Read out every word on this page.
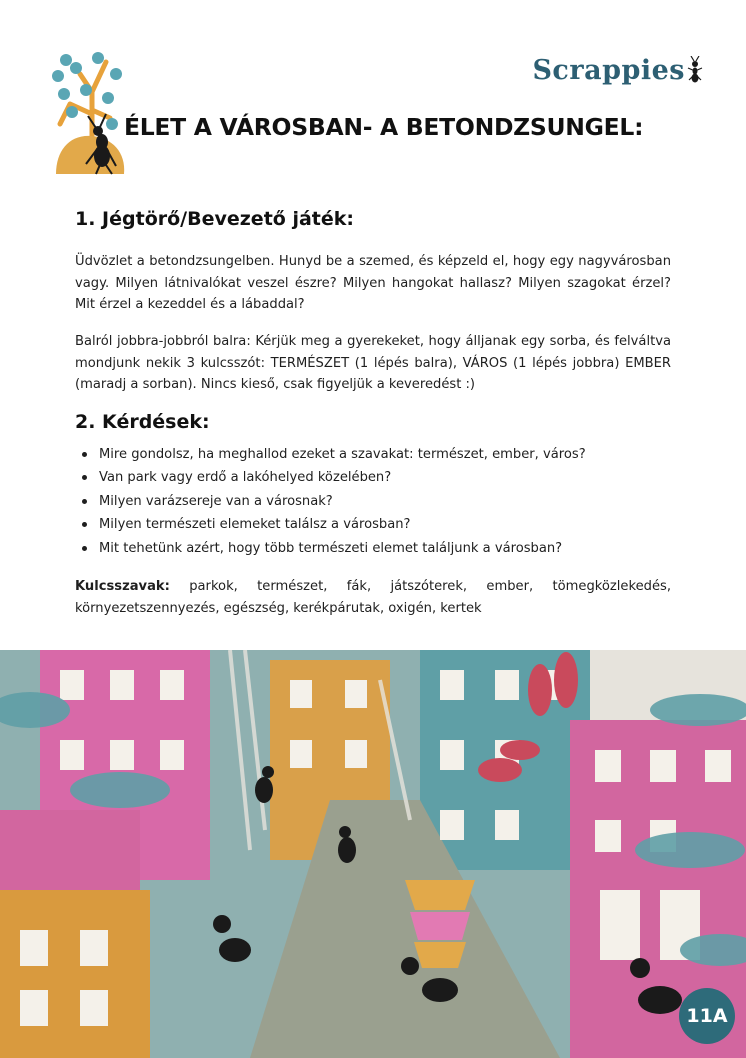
Scrappies
ÉLET A VÁROSBAN- A BETONDZSUNGEL:
1. Jégtörő/Bevezető játék:

Üdvözlet a betondzsungelben. Hunyd be a szemed, és képzeld el, hogy egy nagyvárosban vagy. Milyen látnivalókat veszel észre? Milyen hangokat hallasz? Milyen szagokat érzel? Mit érzel a kezeddel és a lábaddal?

Balról jobbra-jobbról balra: Kérjük meg a gyerekeket, hogy álljanak egy sorba, és felváltva mondjunk nekik 3 kulcsszót: TERMÉSZET (1 lépés balra), VÁROS (1 lépés jobbra) EMBER (maradj a sorban). Nincs kieső, csak figyeljük a keveredést :)

2. Kérdések:
Mire gondolsz, ha meghallod ezeket a szavakat: természet, ember, város?
Van park vagy erdő a lakóhelyed közelében?
Milyen varázsereje van a városnak?
Milyen természeti elemeket találsz a városban?
Mit tehetünk azért, hogy több természeti elemet találjunk a városban?

Kulcsszavak: parkok, természet, fák, játszóterek, ember, tömegközlekedés, környezetszennyezés, egészség, kerékpárutak, oxigén, kertek

11A
